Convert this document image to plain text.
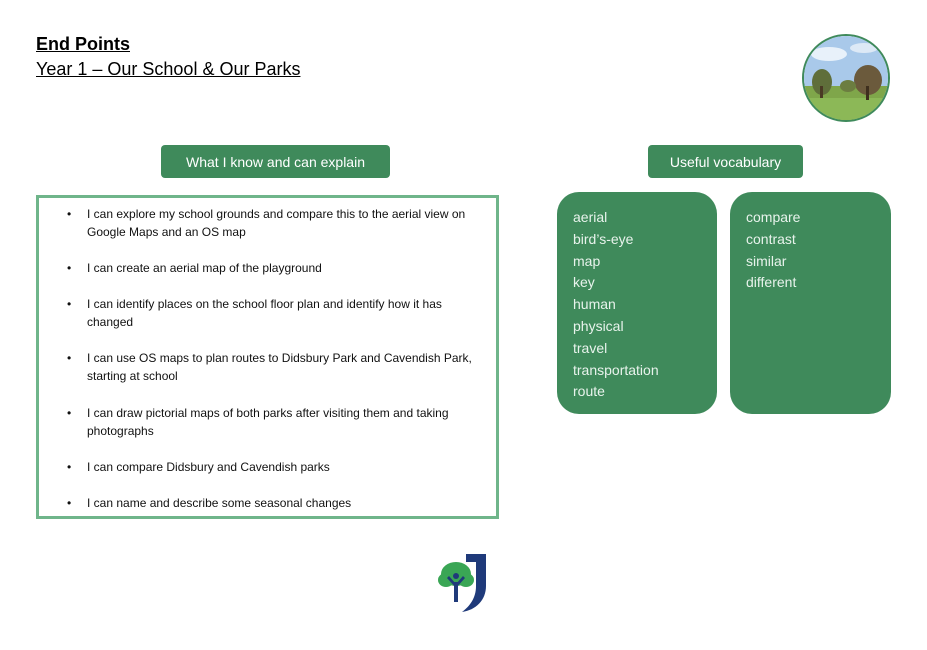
End Points
Year 1 – Our School & Our Parks
What I know and can explain	Useful vocabulary
• I can explore my school grounds and compare this to the aerial view on Google Maps and an OS map
• I can create an aerial map of the playground
• I can identify places on the school floor plan and identify how it has changed
• I can use OS maps to plan routes to Didsbury Park and Cavendish Park, starting at school
• I can draw pictorial maps of both parks after visiting them and taking photographs
• I can compare Didsbury and Cavendish parks
• I can name and describe some seasonal changes
aerial
bird’s-eye
map
key
human
physical
travel
transportation
route
compare
contrast
similar
different
